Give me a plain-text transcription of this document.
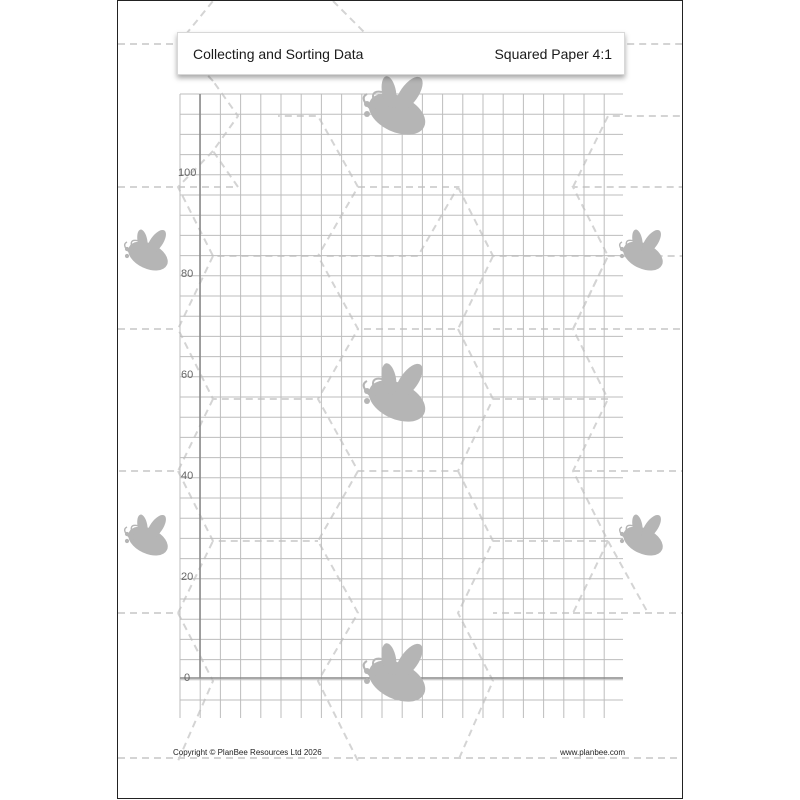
0
20
40
60
80
100
Collecting and Sorting Data	Squared Paper 4:1
Copyright © PlanBee Resources Ltd 2026	www.planbee.com
